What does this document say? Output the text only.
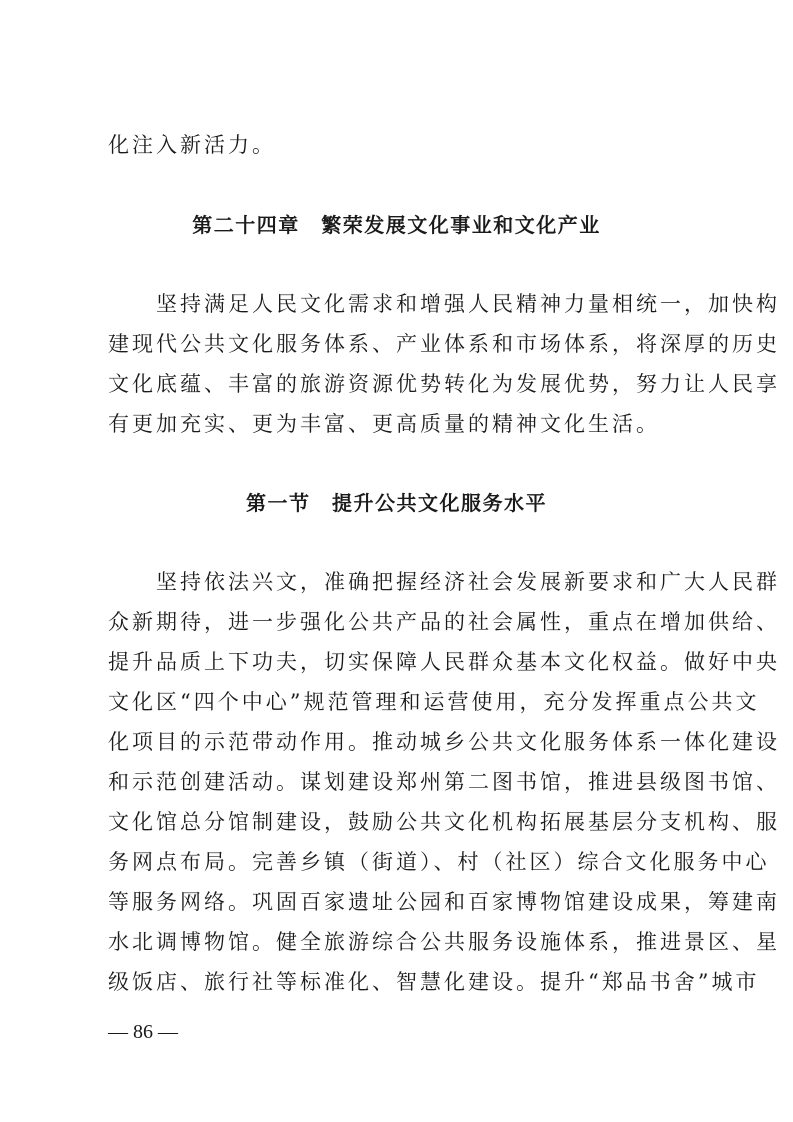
化注入新活力。
第二十四章　繁荣发展文化事业和文化产业
　　坚持满足人民文化需求和增强人民精神力量相统一，加快构
建现代公共文化服务体系、产业体系和市场体系，将深厚的历史
文化底蕴、丰富的旅游资源优势转化为发展优势，努力让人民享
有更加充实、更为丰富、更高质量的精神文化生活。
第一节　提升公共文化服务水平
　　坚持依法兴文，准确把握经济社会发展新要求和广大人民群
众新期待，进一步强化公共产品的社会属性，重点在增加供给、
提升品质上下功夫，切实保障人民群众基本文化权益。做好中央
文化区“四个中心”规范管理和运营使用，充分发挥重点公共文
化项目的示范带动作用。推动城乡公共文化服务体系一体化建设
和示范创建活动。谋划建设郑州第二图书馆，推进县级图书馆、
文化馆总分馆制建设，鼓励公共文化机构拓展基层分支机构、服
务网点布局。完善乡镇（街道）、村（社区）综合文化服务中心
等服务网络。巩固百家遗址公园和百家博物馆建设成果，筹建南
水北调博物馆。健全旅游综合公共服务设施体系，推进景区、星
级饭店、旅行社等标准化、智慧化建设。提升“郑品书舍”城市
— 86 —
